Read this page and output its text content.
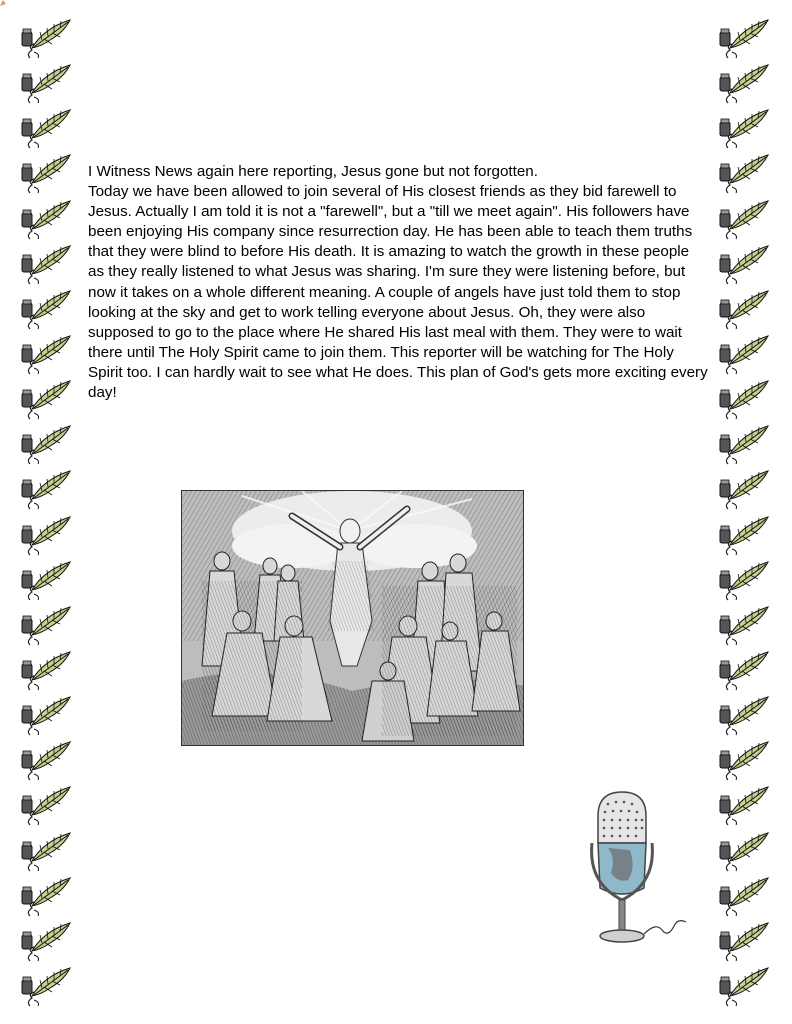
I Witness News again here reporting, Jesus gone but not forgotten.

Today we have been allowed to join several of His closest friends as they bid farewell to Jesus. Actually I am told it is not a "farewell", but a "till we meet again". His followers have been enjoying His company since resurrection day. He has been able to teach them truths that they were blind to before His death. It is amazing to watch the growth in these people as they really listened to what Jesus was sharing. I'm sure they were listening before, but now it takes on a whole different meaning. A couple of angels have just told them to stop looking at the sky and get to work telling everyone about Jesus. Oh, they were also supposed to go to the place where He shared His last meal with them. They were to wait there until The Holy Spirit came to join them. This reporter will be watching for The Holy Spirit too. I can hardly wait to see what He does. This plan of God's gets more exciting every day!
